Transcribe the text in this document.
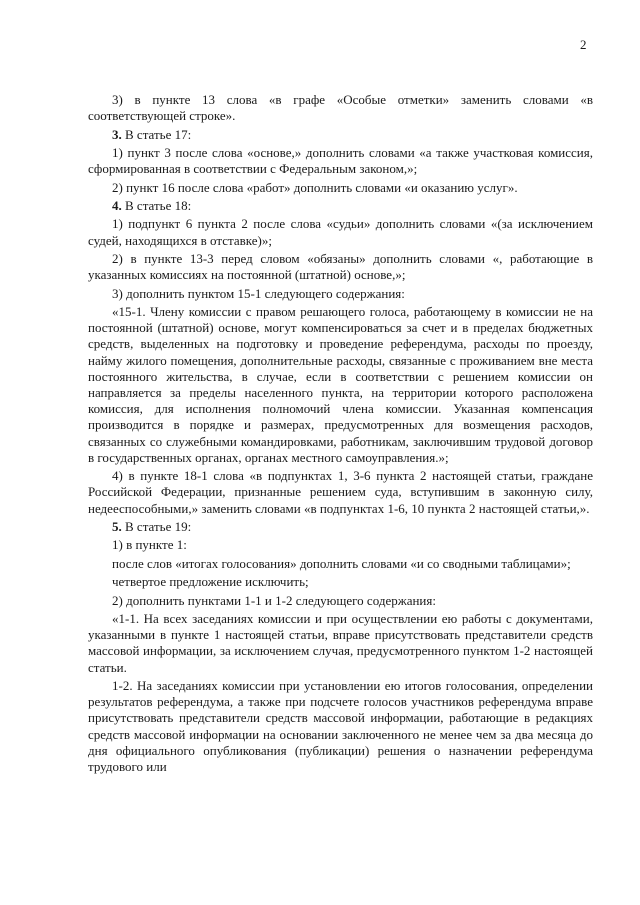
2

3) в пункте 13 слова «в графе «Особые отметки» заменить словами «в соответствующей строке».

3. В статье 17:

1) пункт 3 после слова «основе,» дополнить словами «а также участковая комиссия, сформированная в соответствии с Федеральным законом,»;

2) пункт 16 после слова «работ» дополнить словами «и оказанию услуг».

4. В статье 18:

1) подпункт 6 пункта 2 после слова «судьи» дополнить словами «(за исключением судей, находящихся в отставке)»;

2) в пункте 13-3 перед словом «обязаны» дополнить словами «, работающие в указанных комиссиях на постоянной (штатной) основе,»;

3) дополнить пунктом 15-1 следующего содержания:

«15-1. Члену комиссии с правом решающего голоса, работающему в комиссии не на постоянной (штатной) основе, могут компенсироваться за счет и в пределах бюджетных средств, выделенных на подготовку и проведение референдума, расходы по проезду, найму жилого помещения, дополнительные расходы, связанные с проживанием вне места постоянного жительства, в случае, если в соответствии с решением комиссии он направляется за пределы населенного пункта, на территории которого расположена комиссия, для исполнения полномочий члена комиссии. Указанная компенсация производится в порядке и размерах, предусмотренных для возмещения расходов, связанных со служебными командировками, работникам, заключившим трудовой договор в государственных органах, органах местного самоуправления.»;

4) в пункте 18-1 слова «в подпунктах 1, 3-6 пункта 2 настоящей статьи, граждане Российской Федерации, признанные решением суда, вступившим в законную силу, недееспособными,» заменить словами «в подпунктах 1-6, 10 пункта 2 настоящей статьи,».

5. В статье 19:

1) в пункте 1:

после слов «итогах голосования» дополнить словами «и со сводными таблицами»;

четвертое предложение исключить;

2) дополнить пунктами 1-1 и 1-2 следующего содержания:

«1-1. На всех заседаниях комиссии и при осуществлении ею работы с документами, указанными в пункте 1 настоящей статьи, вправе присутствовать представители средств массовой информации, за исключением случая, предусмотренного пунктом 1-2 настоящей статьи.

1-2. На заседаниях комиссии при установлении ею итогов голосования, определении результатов референдума, а также при подсчете голосов участников референдума вправе присутствовать представители средств массовой информации, работающие в редакциях средств массовой информации на основании заключенного не менее чем за два месяца до дня официального опубликования (публикации) решения о назначении референдума трудового или
